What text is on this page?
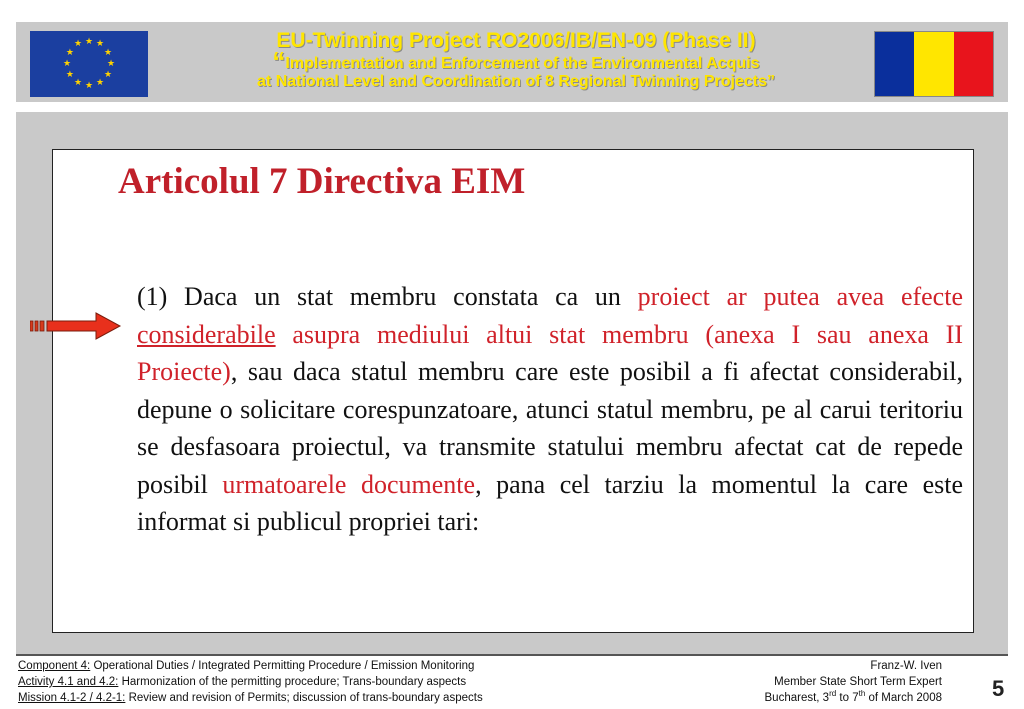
★ ★
★
★
★
★
★
★
★
★
★
★	EU-Twinning Project RO2006/IB/EN-09 (Phase II)
“Implementation and Enforcement of the Environmental Acquis
at National Level and Coordination of 8 Regional Twinning Projects”
Articolul 7 Directiva EIM

(1) Daca un stat membru constata ca un proiect ar putea avea efecte considerabile asupra mediului altui stat membru (anexa I sau anexa II Proiecte), sau daca statul membru care este posibil a fi afectat considerabil, depune o solicitare corespunzatoare, atunci statul membru, pe al carui teritoriu se desfasoara proiectul, va transmite statului membru afectat cat de repede posibil urmatoarele documente, pana cel tarziu la momentul la care este informat si publicul propriei tari:

Component 4: Operational Duties / Integrated Permitting Procedure / Emission Monitoring
Activity 4.1 and 4.2: Harmonization of the permitting procedure; Trans-boundary aspects
Mission 4.1-2 / 4.2-1: Review and revision of Permits; discussion of trans-boundary aspects
Franz-W. Iven
Member State Short Term Expert
Bucharest, 3rd to 7th of March 2008 5
